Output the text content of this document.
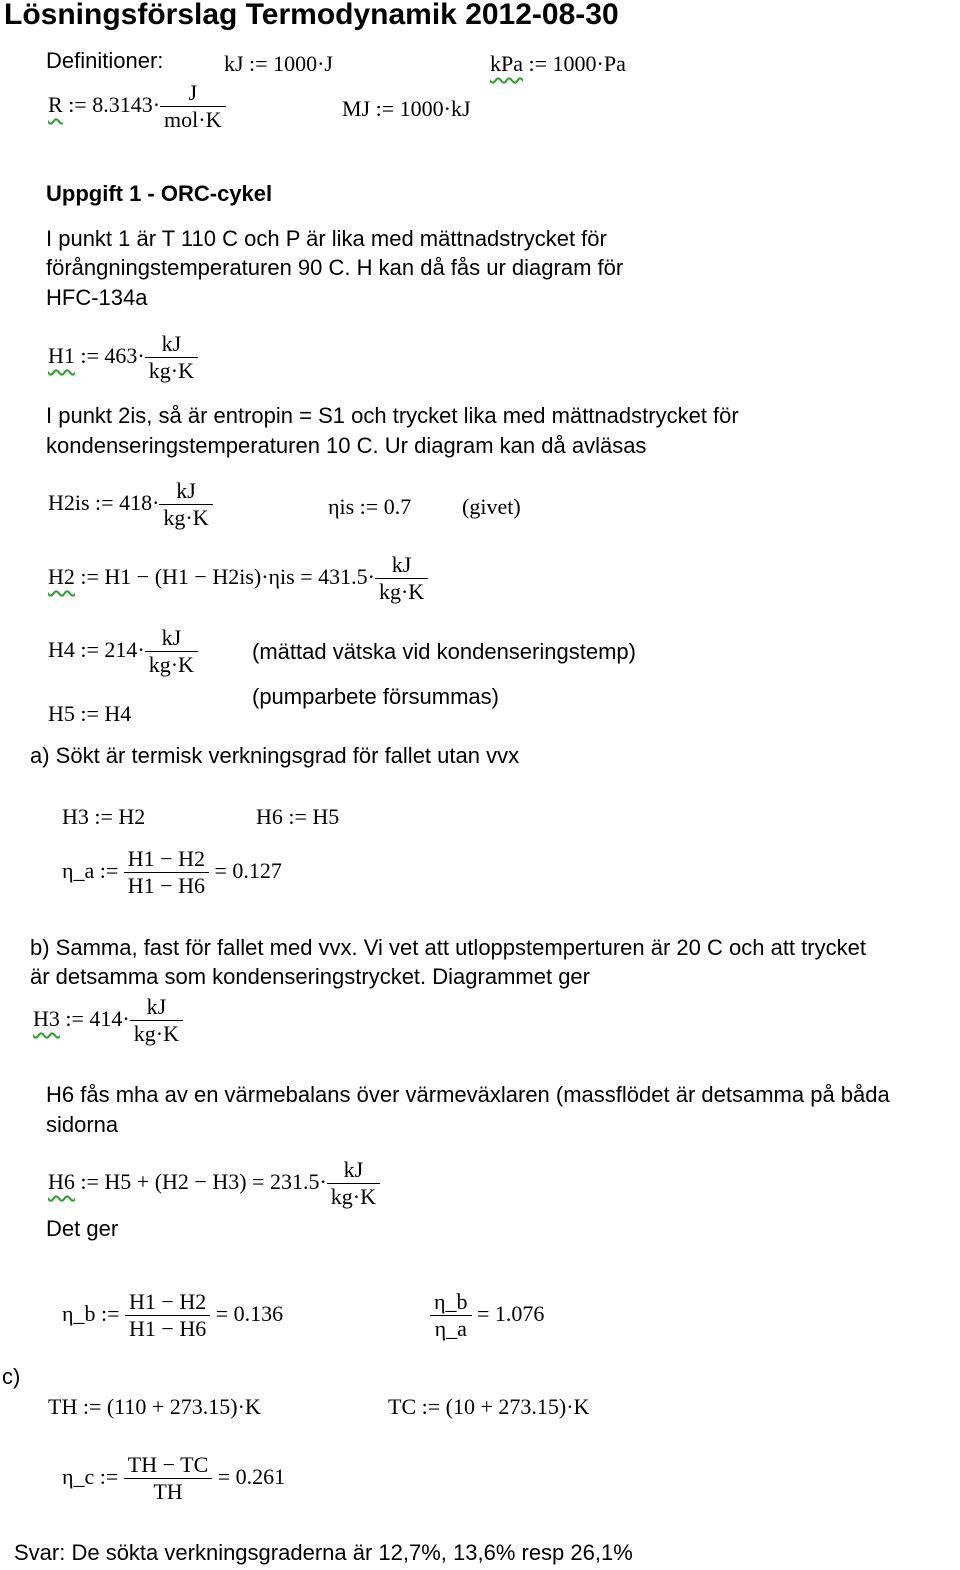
Lösningsförslag Termodynamik 2012-08-30
Definitioner:	kJ := 1000·J	kPa := 1000·Pa
R := $8.3143\cdot \frac{J}{\text{mol·K}}$	MJ := 1000·kJ
Uppgift 1 - ORC-cykel
I punkt 1 är T 110 C och P är lika med mättnadstrycket för
förångningstemperaturen 90 C. H kan då fås ur diagram för
HFC-134a
H1 := $463\cdot \frac{kJ}{kg\cdot K}$
I punkt 2is, så är entropin = S1 och trycket lika med mättnadstrycket för
kondenseringstemperaturen 10 C. Ur diagram kan då avläsas
H2is := $418\cdot \frac{kJ}{kg\cdot K}$	ηis := 0.7 (givet)
H2 := $H1 - (H1 - H2is)\cdot\eta is = 431.5\cdot \frac{kJ}{kg\cdot K}$
H4 := $214\cdot \frac{kJ}{kg\cdot K}$ (mättad vätska vid kondenseringstemp)
(pumparbete försummas)
H5 := H4
a) Sökt är termisk verkningsgrad för fallet utan vvx
H3 := H2	H6 := H5
η_a := $\frac{H1 - H2}{H1 - H6} = 0.127$
b) Samma, fast för fallet med vvx. Vi vet att utloppstemperturen är 20 C och att trycket
är detsamma som kondenseringstrycket. Diagrammet ger
H3 := $414\cdot \frac{kJ}{kg\cdot K}$
H6 fås mha av en värmebalans över värmeväxlaren (massflödet är detsamma på båda
sidorna
H6 := $H5 + (H2 - H3) = 231.5\cdot \frac{kJ}{kg\cdot K}$
Det ger
η_b := $\frac{H1 - H2}{H1 - H6} = 0.136$	$\frac{\eta\_b}{\eta\_a} = 1.076$
c)
TH := (110 + 273.15)·K	TC := (10 + 273.15)·K
η_c := $\frac{TH - TC}{TH} = 0.261$
Svar: De sökta verkningsgraderna är 12,7%, 13,6% resp 26,1%
